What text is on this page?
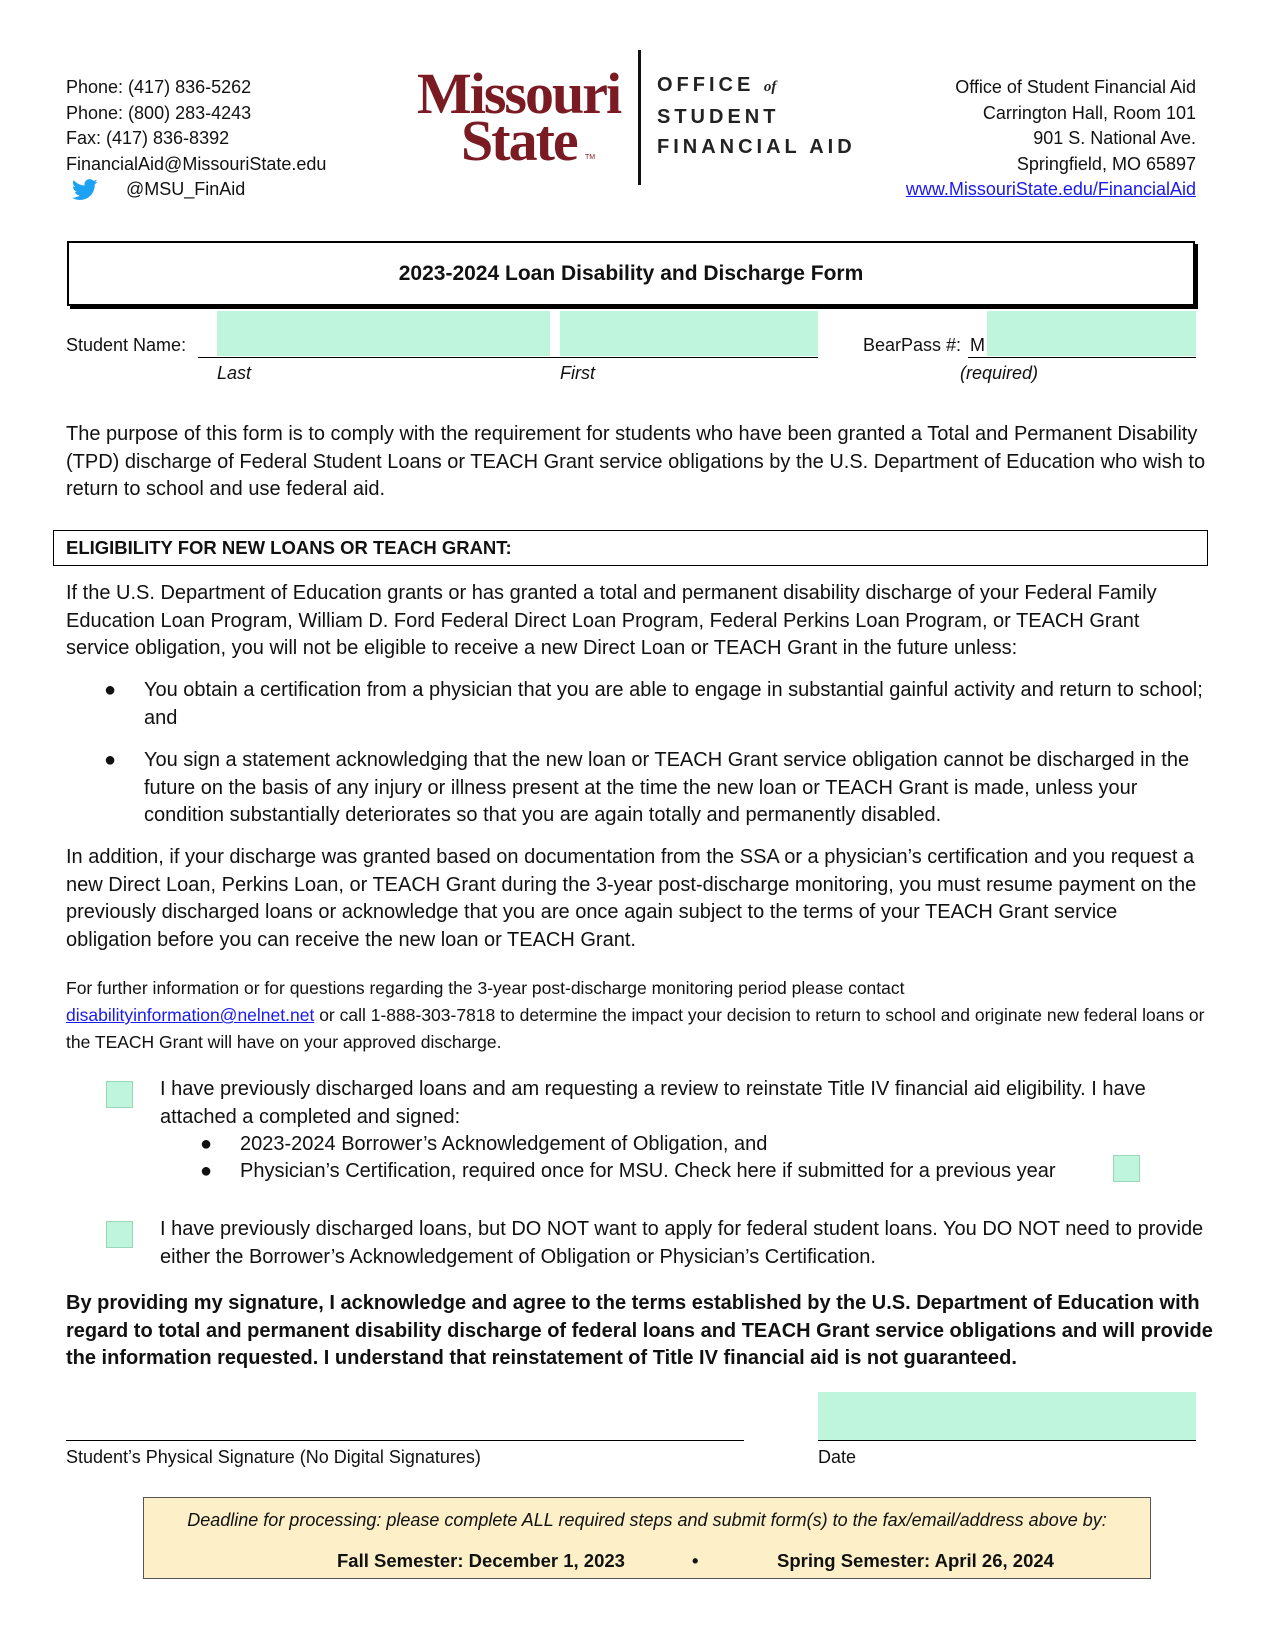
Phone: (417) 836-5262
Phone: (800) 283-4243
Fax: (417) 836-8392
FinancialAid@MissouriState.edu
@MSU_FinAid
Missouri
State TM
OFFICE of
STUDENT
FINANCIAL AID
Office of Student Financial Aid
Carrington Hall, Room 101
901 S. National Ave.
Springfield, MO 65897
www.MissouriState.edu/FinancialAid
2023-2024 Loan Disability and Discharge Form
Student Name:
Last	First
BearPass #: M
(required)
The purpose of this form is to comply with the requirement for students who have been granted a Total and Permanent Disability (TPD) discharge of Federal Student Loans or TEACH Grant service obligations by the U.S. Department of Education who wish to return to school and use federal aid.
ELIGIBILITY FOR NEW LOANS OR TEACH GRANT:
If the U.S. Department of Education grants or has granted a total and permanent disability discharge of your Federal Family Education Loan Program, William D. Ford Federal Direct Loan Program, Federal Perkins Loan Program, or TEACH Grant service obligation, you will not be eligible to receive a new Direct Loan or TEACH Grant in the future unless:
●	You obtain a certification from a physician that you are able to engage in substantial gainful activity and return to school; and
●	You sign a statement acknowledging that the new loan or TEACH Grant service obligation cannot be discharged in the future on the basis of any injury or illness present at the time the new loan or TEACH Grant is made, unless your condition substantially deteriorates so that you are again totally and permanently disabled.
In addition, if your discharge was granted based on documentation from the SSA or a physician’s certification and you request a new Direct Loan, Perkins Loan, or TEACH Grant during the 3-year post-discharge monitoring, you must resume payment on the previously discharged loans or acknowledge that you are once again subject to the terms of your TEACH Grant service obligation before you can receive the new loan or TEACH Grant.
For further information or for questions regarding the 3-year post-discharge monitoring period please contact
disabilityinformation@nelnet.net or call 1-888-303-7818 to determine the impact your decision to return to school and originate new federal loans or the TEACH Grant will have on your approved discharge.
I have previously discharged loans and am requesting a review to reinstate Title IV financial aid eligibility. I have attached a completed and signed:
●	2023-2024 Borrower’s Acknowledgement of Obligation, and
●	Physician’s Certification, required once for MSU. Check here if submitted for a previous year
I have previously discharged loans, but DO NOT want to apply for federal student loans. You DO NOT need to provide either the Borrower’s Acknowledgement of Obligation or Physician’s Certification.
By providing my signature, I acknowledge and agree to the terms established by the U.S. Department of Education with regard to total and permanent disability discharge of federal loans and TEACH Grant service obligations and will provide the information requested. I understand that reinstatement of Title IV financial aid is not guaranteed.
Student’s Physical Signature (No Digital Signatures)	Date
Deadline for processing: please complete ALL required steps and submit form(s) to the fax/email/address above by:
Fall Semester: December 1, 2023	•	Spring Semester: April 26, 2024
